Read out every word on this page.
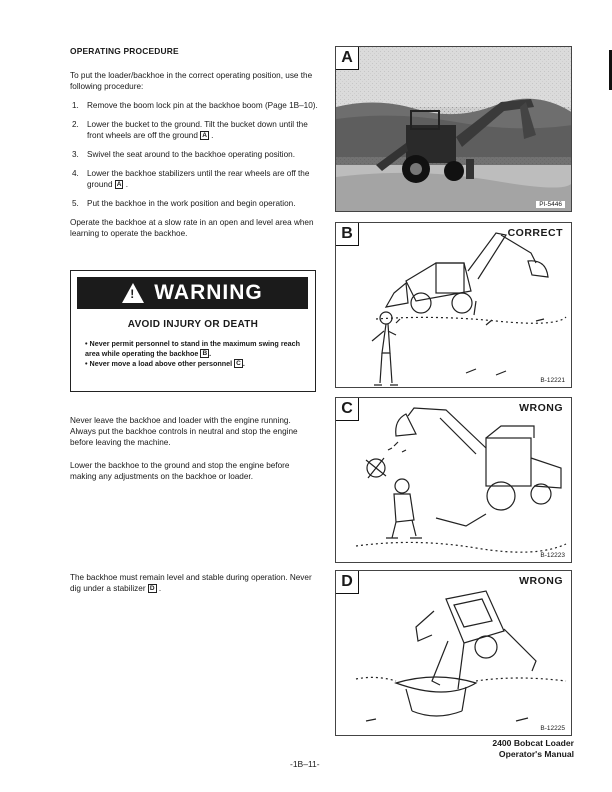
OPERATING PROCEDURE

To put the loader/backhoe in the correct operating position, use the following procedure:

1. Remove the boom lock pin at the backhoe boom (Page 1B–10).
2. Lower the bucket to the ground. Tilt the bucket down until the front wheels are off the ground A .
3. Swivel the seat around to the backhoe operating position.
4. Lower the backhoe stabilizers until the rear wheels are off the ground A .
5. Put the backhoe in the work position and begin operation.

Operate the backhoe at a slow rate in an open and level area when learning to operate the backhoe.

! WARNING
AVOID INJURY OR DEATH
• Never permit personnel to stand in the maximum swing reach area while operating the backhoe B .
• Never move a load above other personnel C .

Never leave the backhoe and loader with the engine running. Always put the backhoe controls in neutral and stop the engine before leaving the machine.

Lower the backhoe to the ground and stop the engine before making any adjustments on the backhoe or loader.

The backhoe must remain level and stable during operation. Never dig under a stabilizer D .

A
PI-5446
B	CORRECT
B-12221
C	WRONG
B-12223
D	WRONG
B-12225
-1B–11-
2400 Bobcat Loader
Operator's Manual
